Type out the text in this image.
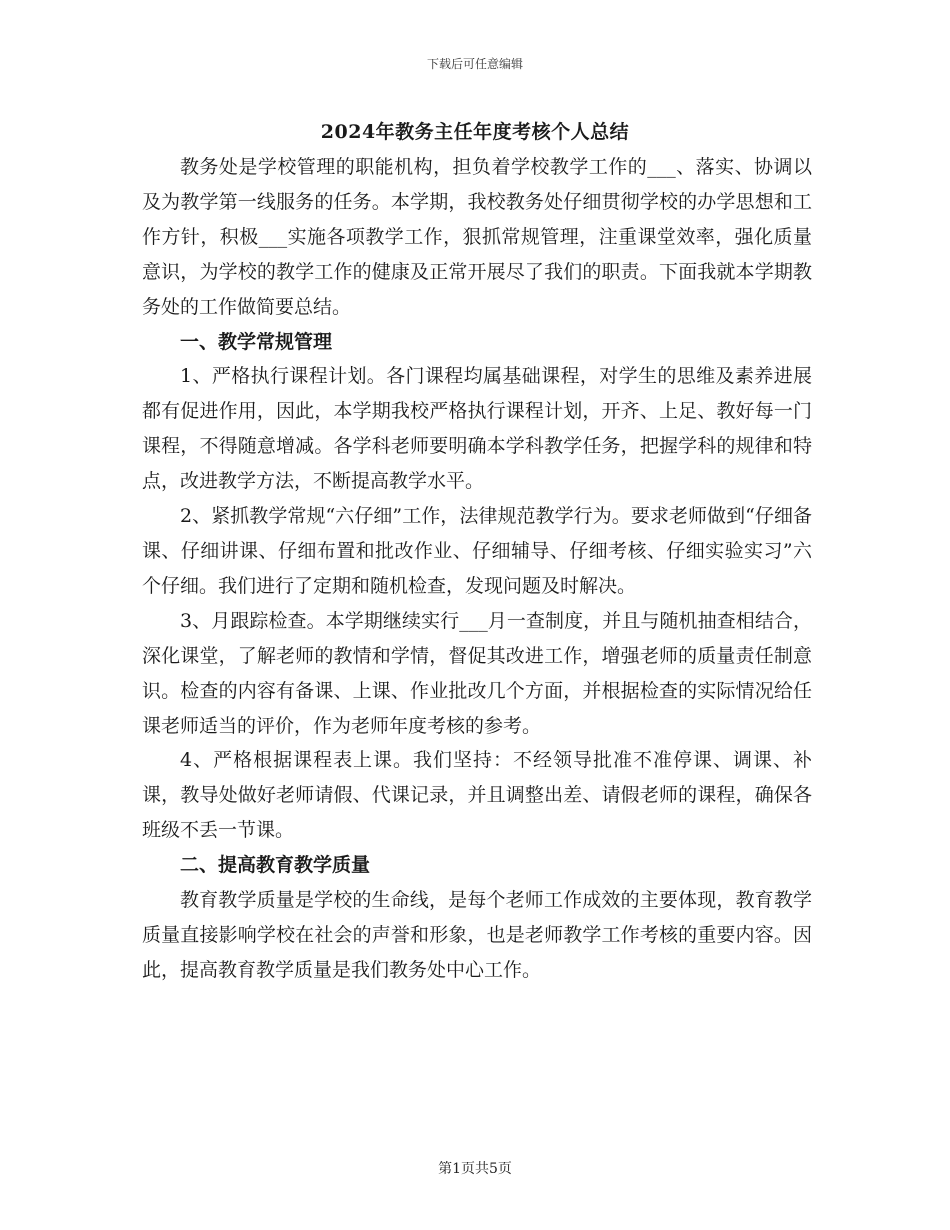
下载后可任意编辑
2024年教务主任年度考核个人总结

教务处是学校管理的职能机构，担负着学校教学工作的___、落实、协调以及为教学第一线服务的任务。本学期，我校教务处仔细贯彻学校的办学思想和工作方针，积极___实施各项教学工作，狠抓常规管理，注重课堂效率，强化质量意识，为学校的教学工作的健康及正常开展尽了我们的职责。下面我就本学期教务处的工作做简要总结。

一、教学常规管理

1、严格执行课程计划。各门课程均属基础课程，对学生的思维及素养进展都有促进作用，因此，本学期我校严格执行课程计划，开齐、上足、教好每一门课程，不得随意增减。各学科老师要明确本学科教学任务，把握学科的规律和特点，改进教学方法，不断提高教学水平。

2、紧抓教学常规“六仔细”工作，法律规范教学行为。要求老师做到“仔细备课、仔细讲课、仔细布置和批改作业、仔细辅导、仔细考核、仔细实验实习”六个仔细。我们进行了定期和随机检查，发现问题及时解决。

3、月跟踪检查。本学期继续实行___月一查制度，并且与随机抽查相结合，深化课堂，了解老师的教情和学情，督促其改进工作，增强老师的质量责任制意识。检查的内容有备课、上课、作业批改几个方面，并根据检查的实际情况给任课老师适当的评价，作为老师年度考核的参考。

4、严格根据课程表上课。我们坚持：不经领导批准不准停课、调课、补课，教导处做好老师请假、代课记录，并且调整出差、请假老师的课程，确保各班级不丢一节课。

二、提高教育教学质量

教育教学质量是学校的生命线，是每个老师工作成效的主要体现，教育教学质量直接影响学校在社会的声誉和形象，也是老师教学工作考核的重要内容。因此，提高教育教学质量是我们教务处中心工作。

第1页共5页
